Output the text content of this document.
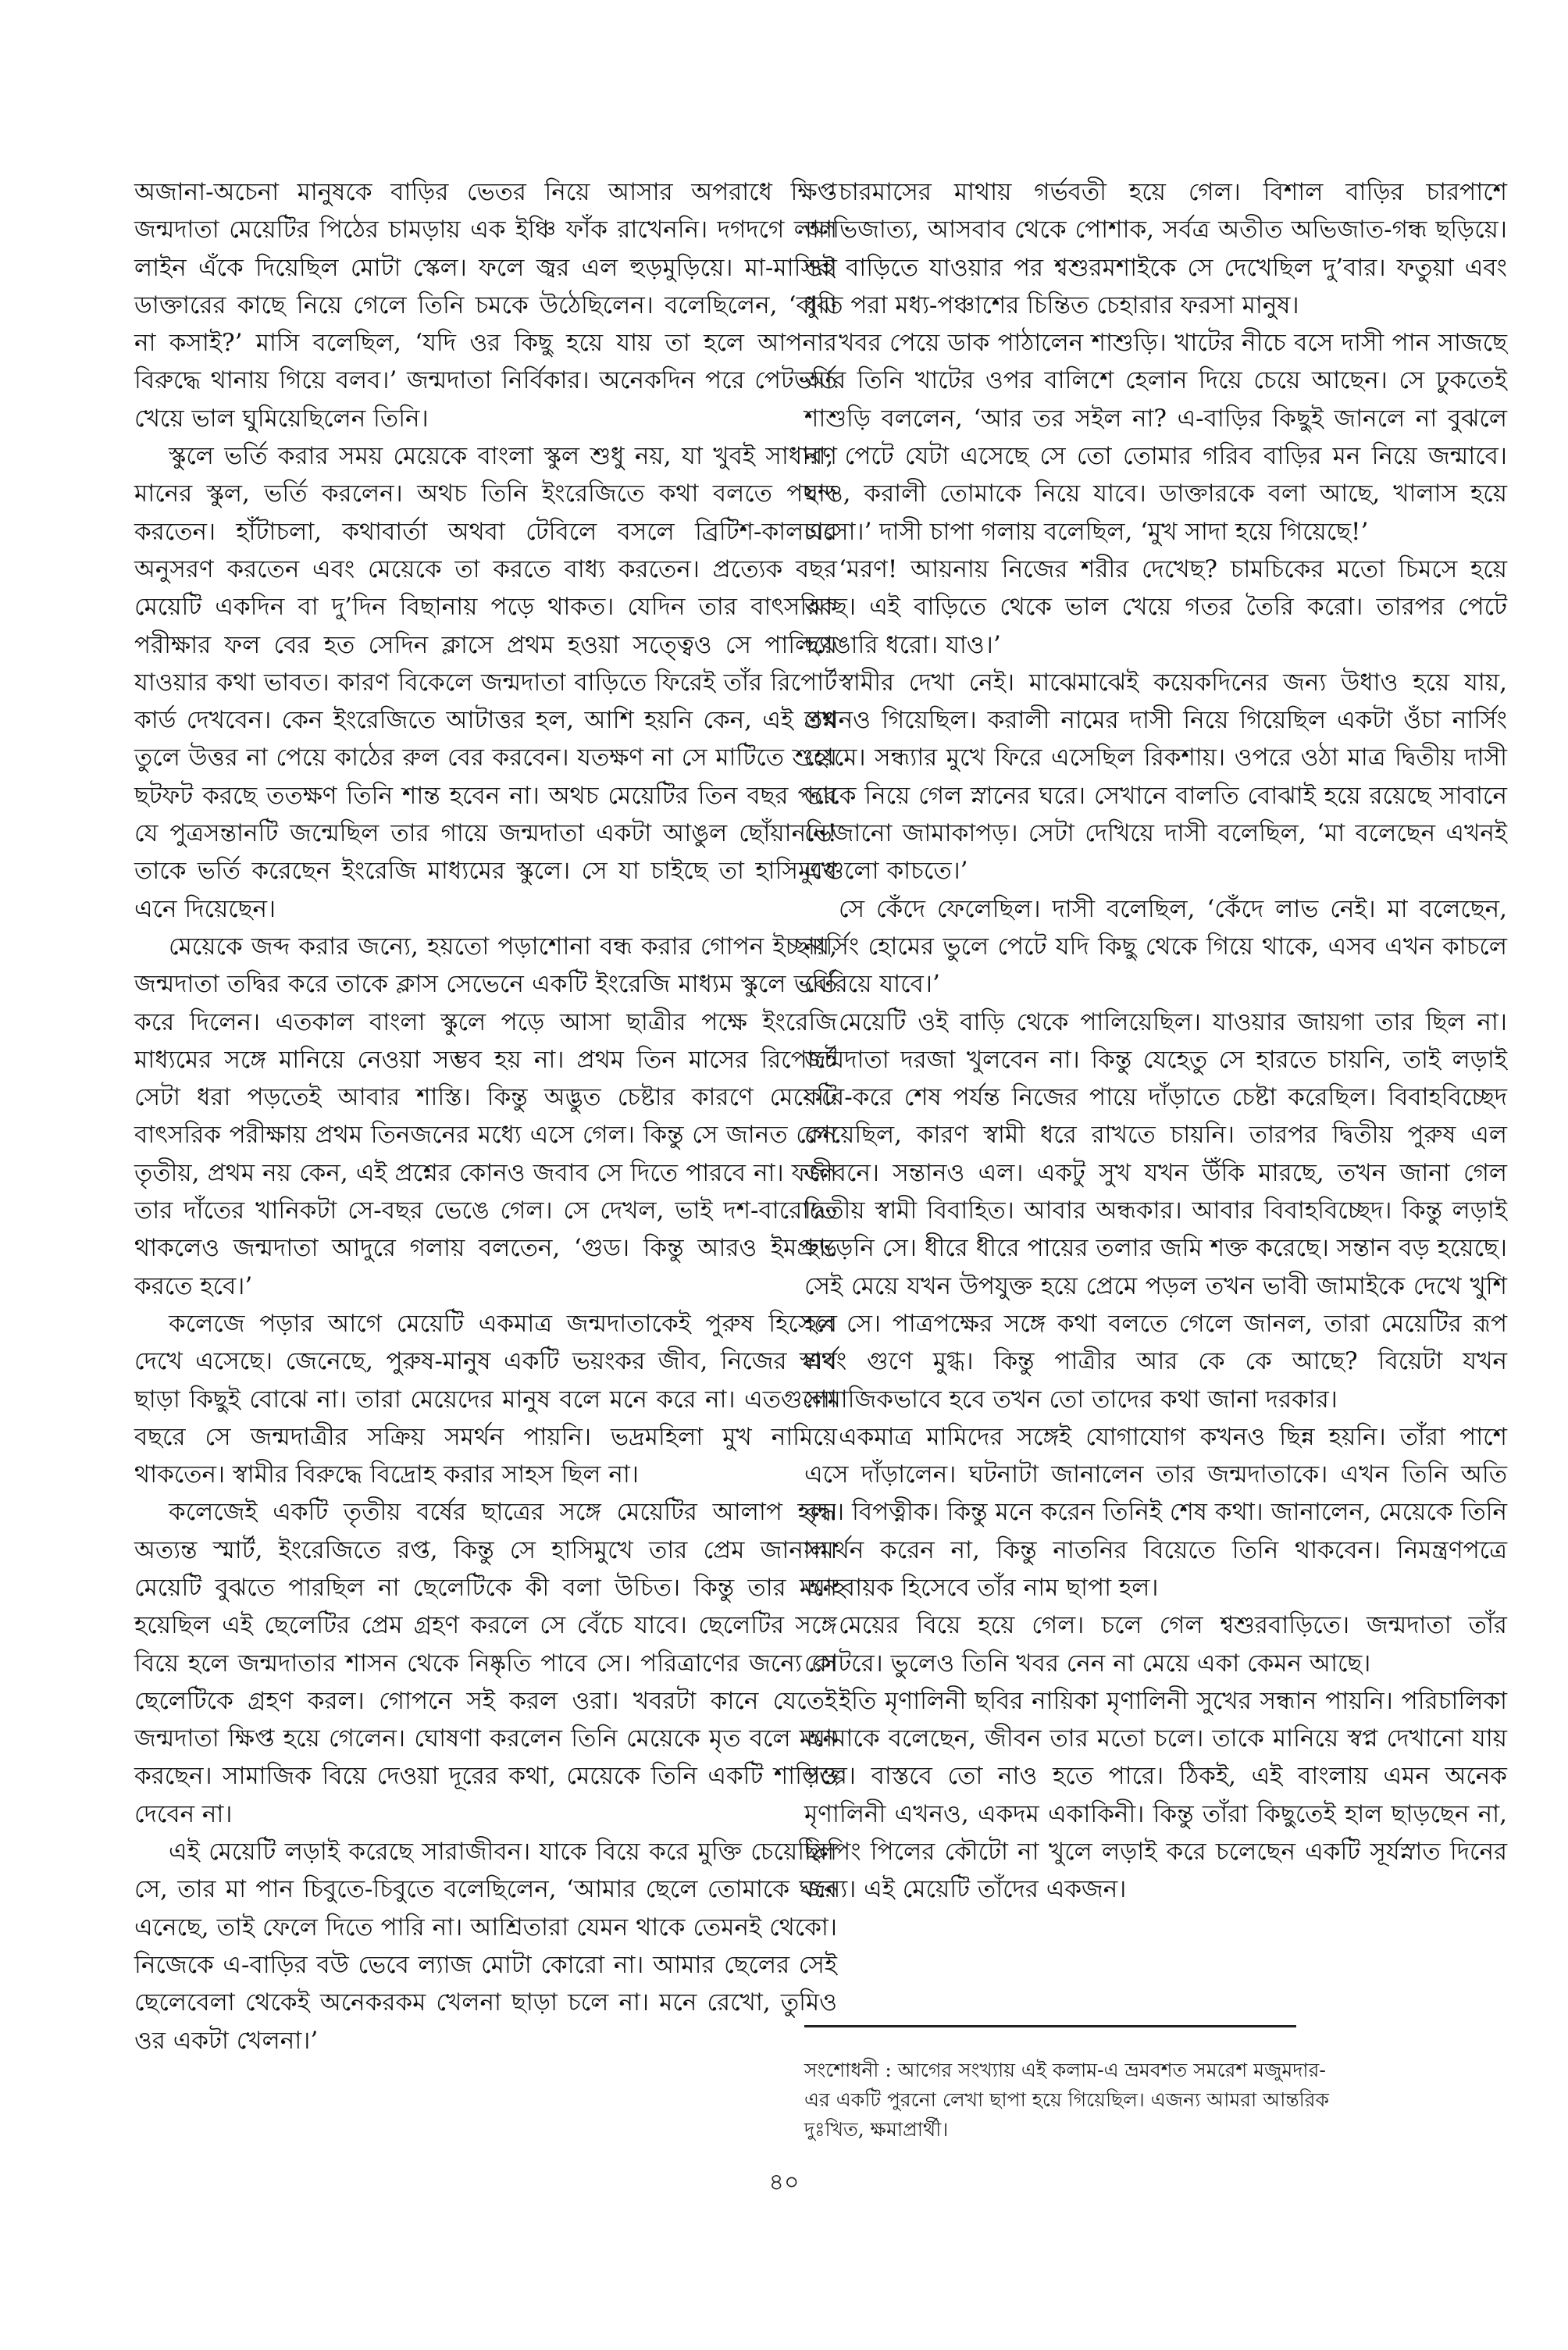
অজানা-অচেনা মানুষকে বাড়ির ভেতর নিয়ে আসার অপরাধে ক্ষিপ্ত জন্মদাতা মেয়েটির পিঠের চামড়ায় এক ইঞ্চি ফাঁক রাখেননি। দগদগে লাল লাইন এঁকে দিয়েছিল মোটা স্কেল। ফলে জ্বর এল হুড়মুড়িয়ে। মা-মাসিরা ডাক্তারের কাছে নিয়ে গেলে তিনি চমকে উঠেছিলেন। বলেছিলেন, ‘বাবা না কসাই?’ মাসি বলেছিল, ‘যদি ওর কিছু হয়ে যায় তা হলে আপনার বিরুদ্ধে থানায় গিয়ে বলব।’ জন্মদাতা নির্বিকার। অনেকদিন পরে পেটভর্তি খেয়ে ভাল ঘুমিয়েছিলেন তিনি।

স্কুলে ভর্তি করার সময় মেয়েকে বাংলা স্কুল শুধু নয়, যা খুবই সাধারণ মানের স্কুল, ভর্তি করলেন। অথচ তিনি ইংরেজিতে কথা বলতে পছন্দ করতেন। হাঁটাচলা, কথাবার্তা অথবা টেবিলে বসলে ব্রিটিশ-কালচার অনুসরণ করতেন এবং মেয়েকে তা করতে বাধ্য করতেন। প্রত্যেক বছর মেয়েটি একদিন বা দু’দিন বিছানায় পড়ে থাকত। যেদিন তার বাৎসরিক পরীক্ষার ফল বের হত সেদিন ক্লাসে প্রথম হওয়া সত্ত্বেও সে পালিয়ে যাওয়ার কথা ভাবত। কারণ বিকেলে জন্মদাতা বাড়িতে ফিরেই তাঁর রিপোর্ট কার্ড দেখবেন। কেন ইংরেজিতে আটাত্তর হল, আশি হয়নি কেন, এই প্রশ্ন তুলে উত্তর না পেয়ে কাঠের রুল বের করবেন। যতক্ষণ না সে মাটিতে শুয়ে ছটফট করছে ততক্ষণ তিনি শান্ত হবেন না। অথচ মেয়েটির তিন বছর পরে যে পুত্রসন্তানটি জন্মেছিল তার গায়ে জন্মদাতা একটা আঙুল ছোঁয়াননি! তাকে ভর্তি করেছেন ইংরেজি মাধ্যমের স্কুলে। সে যা চাইছে তা হাসিমুখে এনে দিয়েছেন।

মেয়েকে জব্দ করার জন্যে, হয়তো পড়াশোনা বন্ধ করার গোপন ইচ্ছায়, জন্মদাতা তদ্বির করে তাকে ক্লাস সেভেনে একটি ইংরেজি মাধ্যম স্কুলে ভর্তি করে দিলেন। এতকাল বাংলা স্কুলে পড়ে আসা ছাত্রীর পক্ষে ইংরেজি মাধ্যমের সঙ্গে মানিয়ে নেওয়া সম্ভব হয় না। প্রথম তিন মাসের রিপোর্টে সেটা ধরা পড়তেই আবার শাস্তি। কিন্তু অদ্ভুত চেষ্টার কারণে মেয়েটি বাৎসরিক পরীক্ষায় প্রথম তিনজনের মধ্যে এসে গেল। কিন্তু সে জানত কেন তৃতীয়, প্রথম নয় কেন, এই প্রশ্নের কোনও জবাব সে দিতে পারবে না। ফলে তার দাঁতের খানিকটা সে-বছর ভেঙে গেল। সে দেখল, ভাই দশ-বারোতে থাকলেও জন্মদাতা আদুরে গলায় বলতেন, ‘গুড। কিন্তু আরও ইমপ্রুভ করতে হবে।’

কলেজে পড়ার আগে মেয়েটি একমাত্র জন্মদাতাকেই পুরুষ হিসেবে দেখে এসেছে। জেনেছে, পুরুষ-মানুষ একটি ভয়ংকর জীব, নিজের স্বার্থ ছাড়া কিছুই বোঝে না। তারা মেয়েদের মানুষ বলে মনে করে না। এতগুলো বছরে সে জন্মদাত্রীর সক্রিয় সমর্থন পায়নি। ভদ্রমহিলা মুখ নামিয়ে থাকতেন। স্বামীর বিরুদ্ধে বিদ্রোহ করার সাহস ছিল না।

কলেজেই একটি তৃতীয় বর্ষের ছাত্রের সঙ্গে মেয়েটির আলাপ হল। অত্যন্ত স্মার্ট, ইংরেজিতে রপ্ত, কিন্তু সে হাসিমুখে তার প্রেম জানাল। মেয়েটি বুঝতে পারছিল না ছেলেটিকে কী বলা উচিত। কিন্তু তার মনে হয়েছিল এই ছেলেটির প্রেম গ্রহণ করলে সে বেঁচে যাবে। ছেলেটির সঙ্গে বিয়ে হলে জন্মদাতার শাসন থেকে নিষ্কৃতি পাবে সে। পরিত্রাণের জন্যে সে ছেলেটিকে গ্রহণ করল। গোপনে সই করল ওরা। খবরটা কানে যেতেই জন্মদাতা ক্ষিপ্ত হয়ে গেলেন। ঘোষণা করলেন তিনি মেয়েকে মৃত বলে মনে করছেন। সামাজিক বিয়ে দেওয়া দূরের কথা, মেয়েকে তিনি একটি শাড়িও দেবেন না।

এই মেয়েটি লড়াই করেছে সারাজীবন। যাকে বিয়ে করে মুক্তি চেয়েছিল সে, তার মা পান চিবুতে-চিবুতে বলেছিলেন, ‘আমার ছেলে তোমাকে ঘরে এনেছে, তাই ফেলে দিতে পারি না। আশ্রিতারা যেমন থাকে তেমনই থেকো। নিজেকে এ-বাড়ির বউ ভেবে ল্যাজ মোটা কোরো না। আমার ছেলের সেই ছেলেবেলা থেকেই অনেকরকম খেলনা ছাড়া চলে না। মনে রেখো, তুমিও ওর একটা খেলনা।’

চারমাসের মাথায় গর্ভবতী হয়ে গেল। বিশাল বাড়ির চারপাশে আভিজাত্য, আসবাব থেকে পোশাক, সর্বত্র অতীত অভিজাত-গন্ধ ছড়িয়ে। ওই বাড়িতে যাওয়ার পর শ্বশুরমশাইকে সে দেখেছিল দু’বার। ফতুয়া এবং ধুতি পরা মধ্য-পঞ্চাশের চিন্তিত চেহারার ফরসা মানুষ।

খবর পেয়ে ডাক পাঠালেন শাশুড়ি। খাটের নীচে বসে দাসী পান সাজছে আর তিনি খাটের ওপর বালিশে হেলান দিয়ে চেয়ে আছেন। সে ঢুকতেই শাশুড়ি বললেন, ‘আর তর সইল না? এ-বাড়ির কিছুই জানলে না বুঝলে না, পেটে যেটা এসেছে সে তো তোমার গরিব বাড়ির মন নিয়ে জন্মাবে। যাও, করালী তোমাকে নিয়ে যাবে। ডাক্তারকে বলা আছে, খালাস হয়ে এসো।’ দাসী চাপা গলায় বলেছিল, ‘মুখ সাদা হয়ে গিয়েছে!’

‘মরণ! আয়নায় নিজের শরীর দেখেছ? চামচিকের মতো চিমসে হয়ে আছ। এই বাড়িতে থেকে ভাল খেয়ে গতর তৈরি করো। তারপর পেটে ছ্যাঙারি ধরো। যাও।’

স্বামীর দেখা নেই। মাঝেমাঝেই কয়েকদিনের জন্য উধাও হয়ে যায়, তখনও গিয়েছিল। করালী নামের দাসী নিয়ে গিয়েছিল একটা ওঁচা নার্সিং হোমে। সন্ধ্যার মুখে ফিরে এসেছিল রিকশায়। ওপরে ওঠা মাত্র দ্বিতীয় দাসী তাকে নিয়ে গেল স্নানের ঘরে। সেখানে বালতি বোঝাই হয়ে রয়েছে সাবানে ভেজানো জামাকাপড়। সেটা দেখিয়ে দাসী বলেছিল, ‘মা বলেছেন এখনই এগুলো কাচতে।’

সে কেঁদে ফেলেছিল। দাসী বলেছিল, ‘কেঁদে লাভ নেই। মা বলেছেন, নার্সিং হোমের ভুলে পেটে যদি কিছু থেকে গিয়ে থাকে, এসব এখন কাচলে বেরিয়ে যাবে।’

মেয়েটি ওই বাড়ি থেকে পালিয়েছিল। যাওয়ার জায়গা তার ছিল না। জন্মদাতা দরজা খুলবেন না। কিন্তু যেহেতু সে হারতে চায়নি, তাই লড়াই করে-করে শেষ পর্যন্ত নিজের পায়ে দাঁড়াতে চেষ্টা করেছিল। বিবাহবিচ্ছেদ পেয়েছিল, কারণ স্বামী ধরে রাখতে চায়নি। তারপর দ্বিতীয় পুরুষ এল জীবনে। সন্তানও এল। একটু সুখ যখন উঁকি মারছে, তখন জানা গেল দ্বিতীয় স্বামী বিবাহিত। আবার অন্ধকার। আবার বিবাহবিচ্ছেদ। কিন্তু লড়াই ছাড়েনি সে। ধীরে ধীরে পায়ের তলার জমি শক্ত করেছে। সন্তান বড় হয়েছে। সেই মেয়ে যখন উপযুক্ত হয়ে প্রেমে পড়ল তখন ভাবী জামাইকে দেখে খুশি হল সে। পাত্রপক্ষের সঙ্গে কথা বলতে গেলে জানল, তারা মেয়েটির রূপ এবং গুণে মুগ্ধ। কিন্তু পাত্রীর আর কে কে আছে? বিয়েটা যখন সামাজিকভাবে হবে তখন তো তাদের কথা জানা দরকার।

একমাত্র মামিদের সঙ্গেই যোগাযোগ কখনও ছিন্ন হয়নি। তাঁরা পাশে এসে দাঁড়ালেন। ঘটনাটা জানালেন তার জন্মদাতাকে। এখন তিনি অতি বৃদ্ধ। বিপত্নীক। কিন্তু মনে করেন তিনিই শেষ কথা। জানালেন, মেয়েকে তিনি সমর্থন করেন না, কিন্তু নাতনির বিয়েতে তিনি থাকবেন। নিমন্ত্রণপত্রে আহ্বায়ক হিসেবে তাঁর নাম ছাপা হল।

মেয়ের বিয়ে হয়ে গেল। চলে গেল শ্বশুরবাড়িতে। জন্মদাতা তাঁর কোটরে। ভুলেও তিনি খবর নেন না মেয়ে একা কেমন আছে।

ইতি মৃণালিনী ছবির নায়িকা মৃণালিনী সুখের সন্ধান পায়নি। পরিচালিকা আমাকে বলেছেন, জীবন তার মতো চলে। তাকে মানিয়ে স্বপ্ন দেখানো যায় গল্পে। বাস্তবে তো নাও হতে পারে। ঠিকই, এই বাংলায় এমন অনেক মৃণালিনী এখনও, একদম একাকিনী। কিন্তু তাঁরা কিছুতেই হাল ছাড়ছেন না, স্লিপিং পিলের কৌটো না খুলে লড়াই করে চলেছেন একটি সূর্যস্নাত দিনের জন্য। এই মেয়েটি তাঁদের একজন।

সংশোধনী : আগের সংখ্যায় এই কলাম-এ ভ্রমবশত সমরেশ মজুমদার-এর একটি পুরনো লেখা ছাপা হয়ে গিয়েছিল। এজন্য আমরা আন্তরিক দুঃখিত, ক্ষমাপ্রার্থী।
৪০
